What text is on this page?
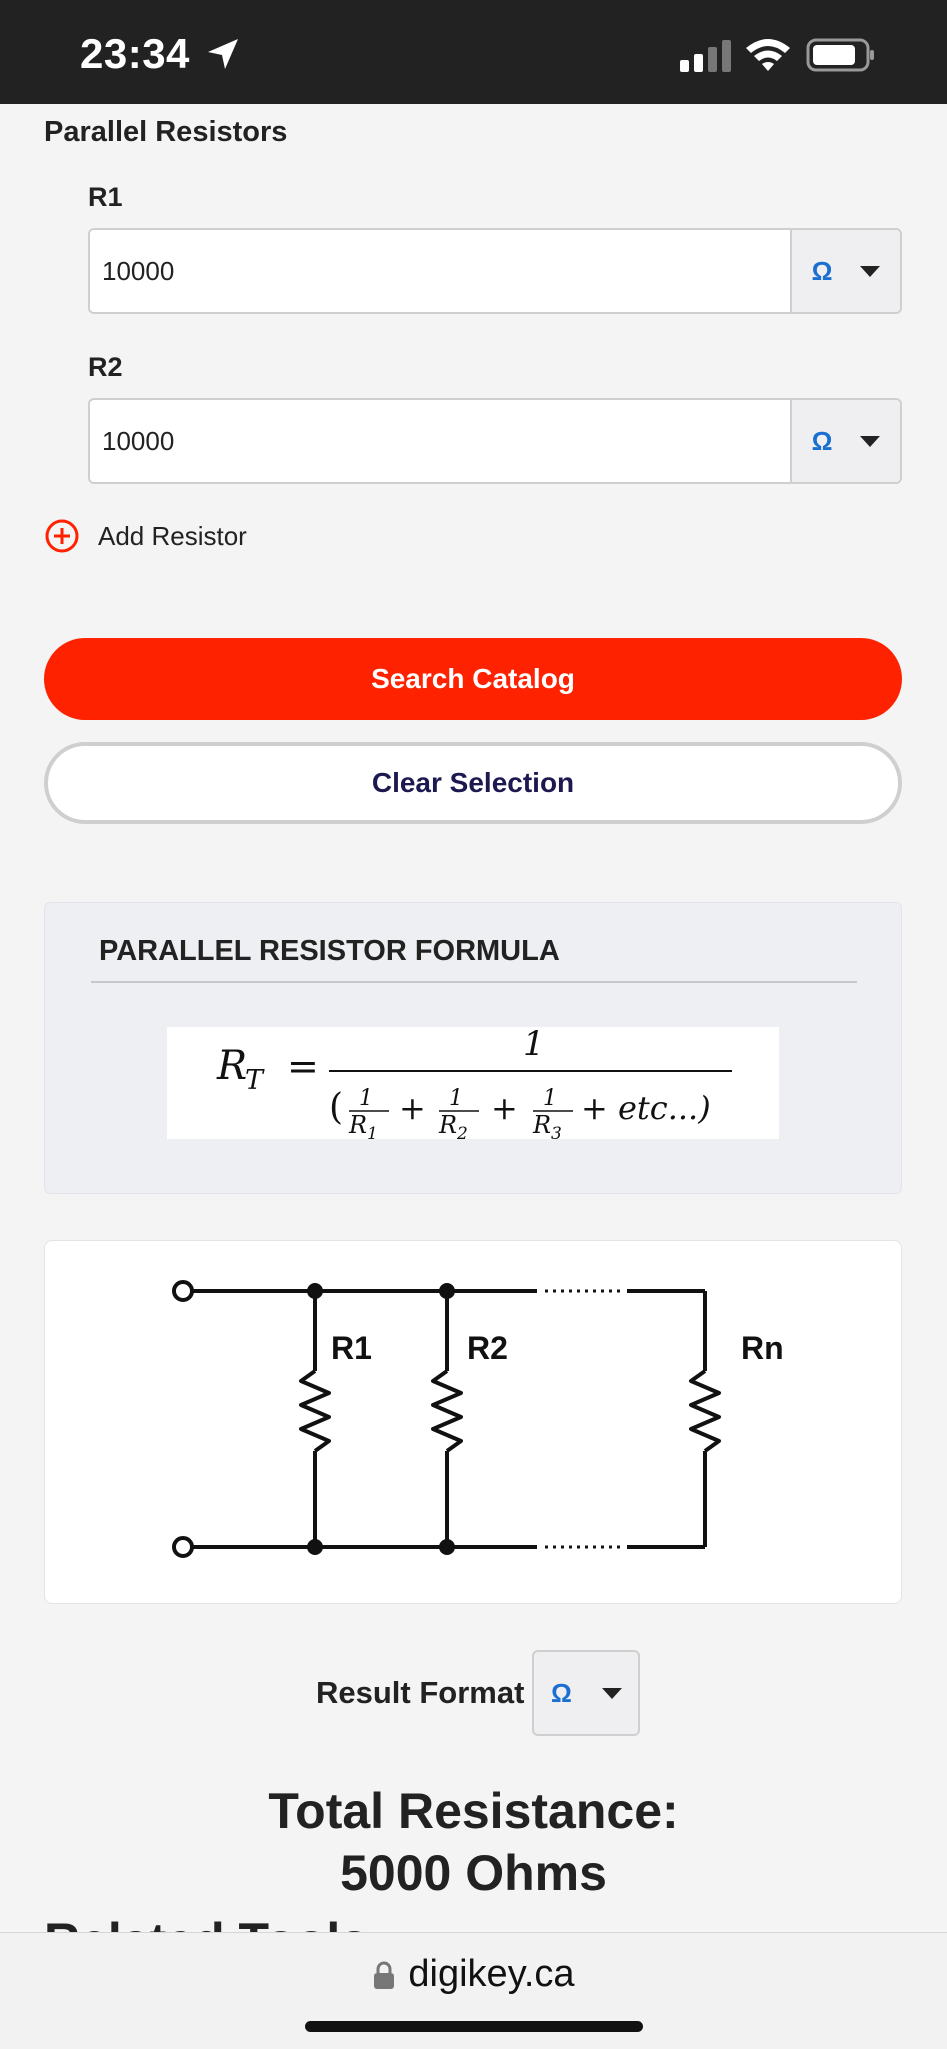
23:34
Parallel Resistors
R1
10000
Ω
R2
10000
Ω
Add Resistor
Search Catalog
Clear Selection
PARALLEL RESISTOR FORMULA
R
T =	1
( 1
R 1
+ 1
R 2
+ 1
R 3
+ etc...)
R1	R2	Rn
Result Format Ω
Total Resistance:
5000 Ohms
digikey.ca
